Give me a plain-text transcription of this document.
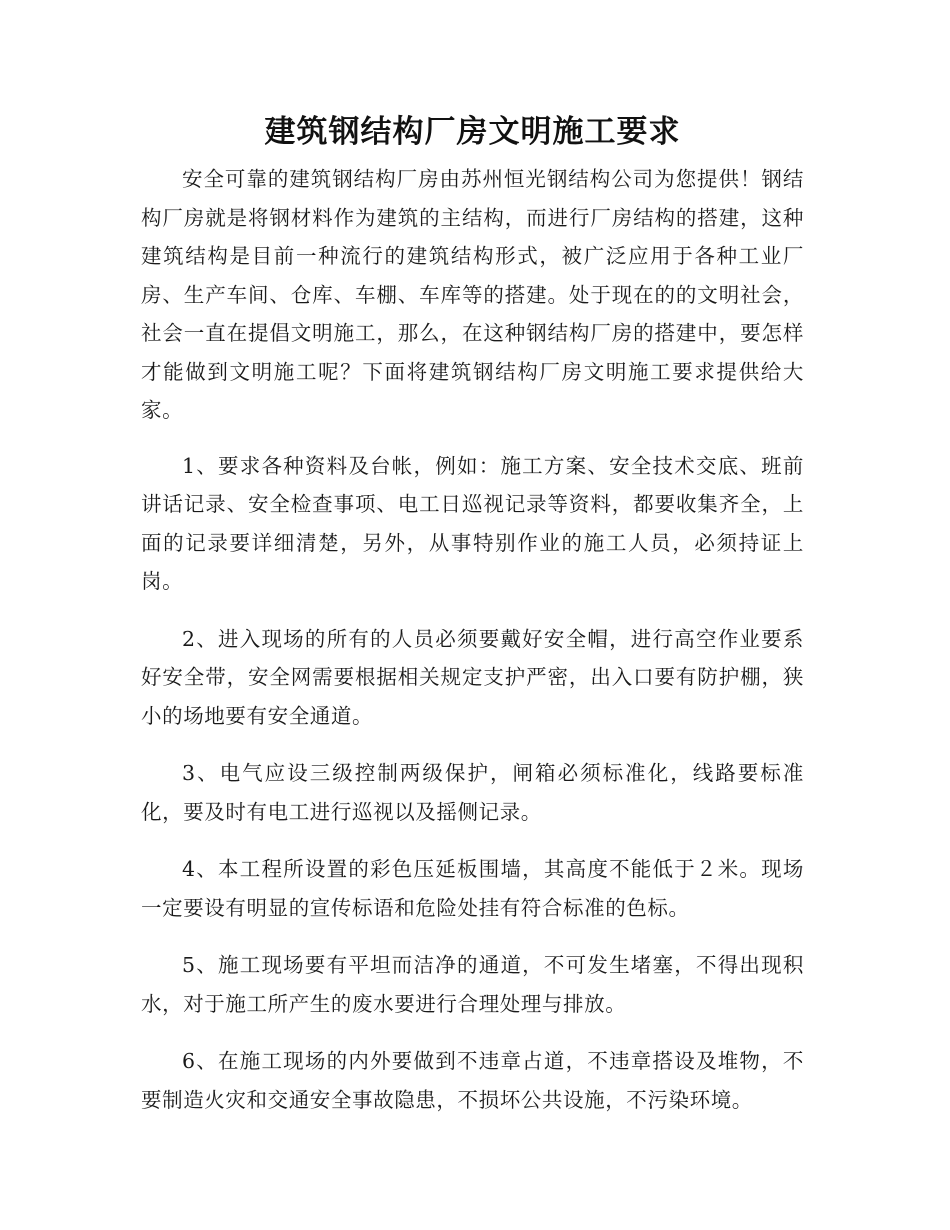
建筑钢结构厂房文明施工要求

安全可靠的建筑钢结构厂房由苏州恒光钢结构公司为您提供！钢结构厂房就是将钢材料作为建筑的主结构，而进行厂房结构的搭建，这种建筑结构是目前一种流行的建筑结构形式，被广泛应用于各种工业厂房、生产车间、仓库、车棚、车库等的搭建。处于现在的的文明社会，社会一直在提倡文明施工，那么，在这种钢结构厂房的搭建中，要怎样才能做到文明施工呢？下面将建筑钢结构厂房文明施工要求提供给大家。

1、要求各种资料及台帐，例如：施工方案、安全技术交底、班前讲话记录、安全检查事项、电工日巡视记录等资料，都要收集齐全，上面的记录要详细清楚，另外，从事特别作业的施工人员，必须持证上岗。

2、进入现场的所有的人员必须要戴好安全帽，进行高空作业要系好安全带，安全网需要根据相关规定支护严密，出入口要有防护棚，狭小的场地要有安全通道。

3、电气应设三级控制两级保护，闸箱必须标准化，线路要标准化，要及时有电工进行巡视以及摇侧记录。

4、本工程所设置的彩色压延板围墙，其高度不能低于２米。现场一定要设有明显的宣传标语和危险处挂有符合标准的色标。

5、施工现场要有平坦而洁净的通道，不可发生堵塞，不得出现积水，对于施工所产生的废水要进行合理处理与排放。

6、在施工现场的内外要做到不违章占道，不违章搭设及堆物，不要制造火灾和交通安全事故隐患，不损坏公共设施，不污染环境。
